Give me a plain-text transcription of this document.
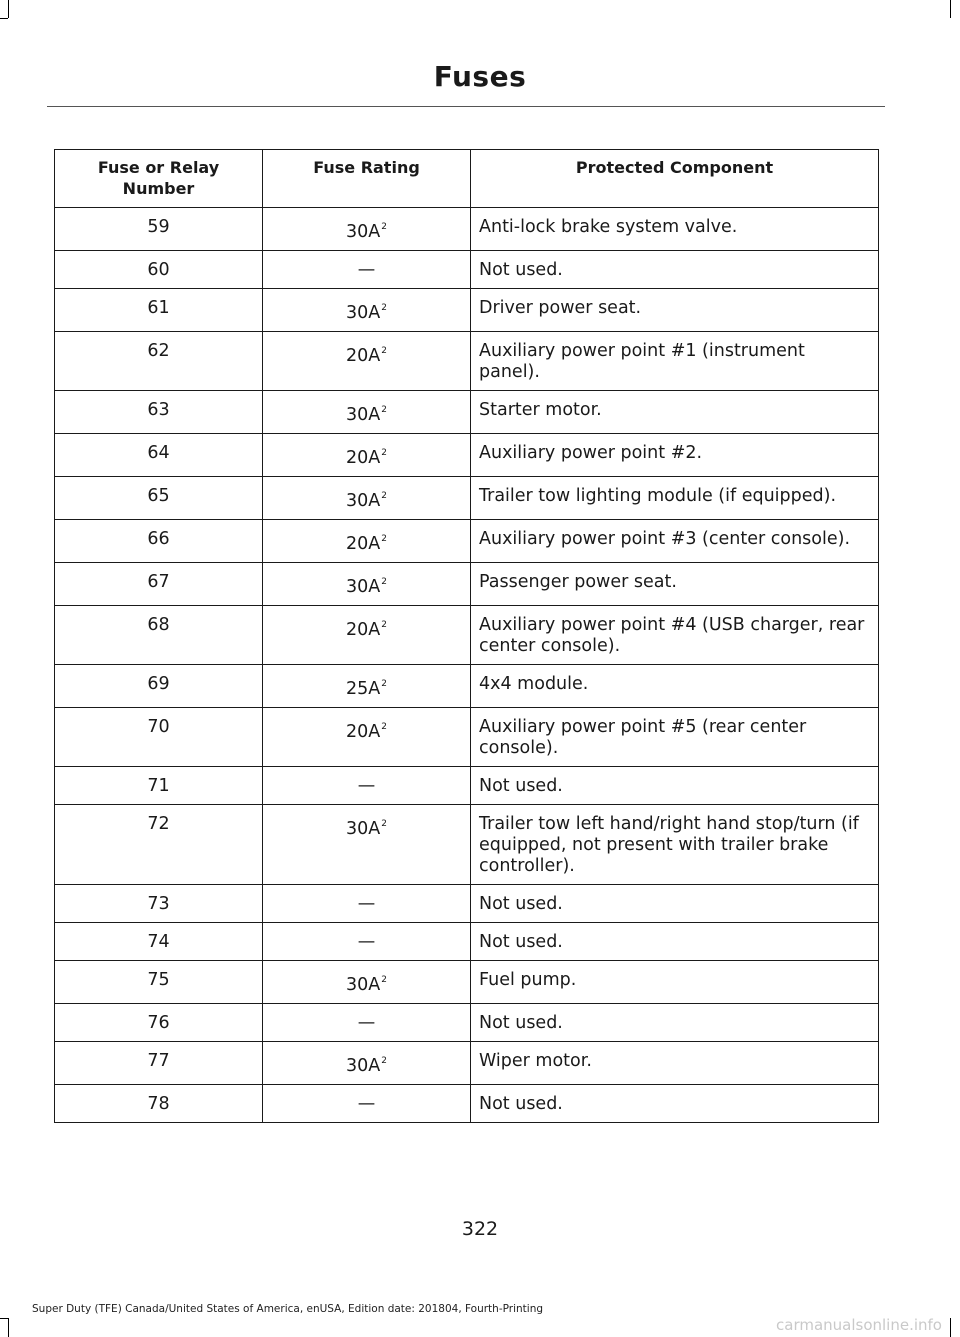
Fuses
Fuse or Relay Number	Fuse Rating	Protected Component
59	30A$^2$	Anti-lock brake system valve.
60	—	Not used.
61	30A$^2$	Driver power seat.
62	20A$^2$	Auxiliary power point #1 (instrument panel).
63	30A$^2$	Starter motor.
64	20A$^2$	Auxiliary power point #2.
65	30A$^2$	Trailer tow lighting module (if equipped).
66	20A$^2$	Auxiliary power point #3 (center console).
67	30A$^2$	Passenger power seat.
68	20A$^2$	Auxiliary power point #4 (USB charger, rear center console).
69	25A$^2$	4x4 module.
70	20A$^2$	Auxiliary power point #5 (rear center console).
71	—	Not used.
72	30A$^2$	Trailer tow left hand/right hand stop/turn (if equipped, not present with trailer brake controller).
73	—	Not used.
74	—	Not used.
75	30A$^2$	Fuel pump.
76	—	Not used.
77	30A$^2$	Wiper motor.
78	—	Not used.
322
Super Duty (TFE) Canada/United States of America, enUSA, Edition date: 201804, Fourth-Printing
carmanualsonline.info
